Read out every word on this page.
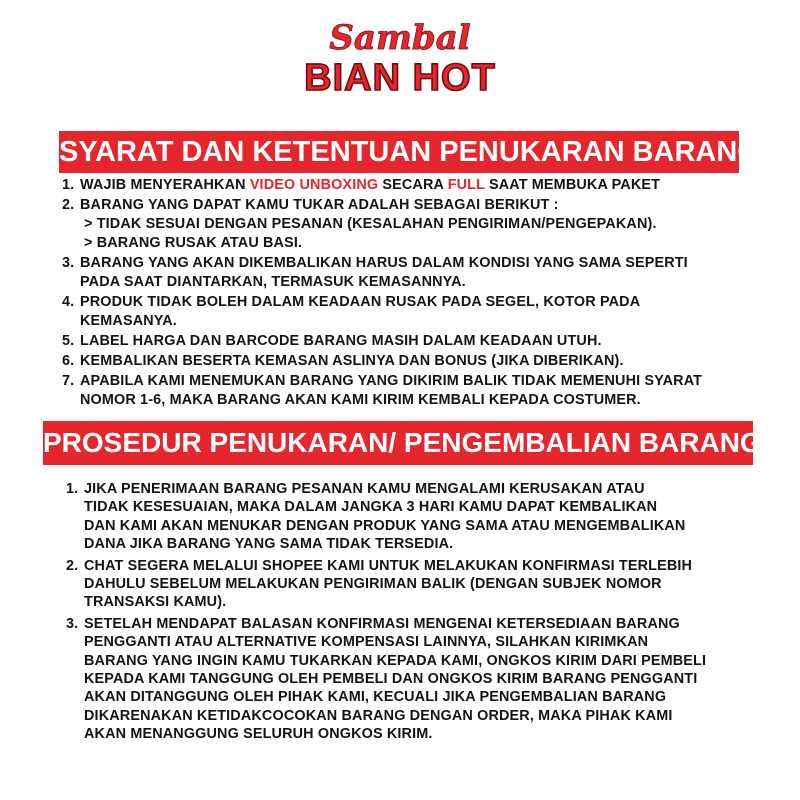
Sambal
BIAN HOT
SYARAT DAN KETENTUAN PENUKARAN BARANG
1. WAJIB MENYERAHKAN VIDEO UNBOXING SECARA FULL SAAT MEMBUKA PAKET
2. BARANG YANG DAPAT KAMU TUKAR ADALAH SEBAGAI BERIKUT :
> TIDAK SESUAI DENGAN PESANAN (KESALAHAN PENGIRIMAN/PENGEPAKAN).
> BARANG RUSAK ATAU BASI.
3. BARANG YANG AKAN DIKEMBALIKAN HARUS DALAM KONDISI YANG SAMA SEPERTI
PADA SAAT DIANTARKAN, TERMASUK KEMASANNYA.
4. PRODUK TIDAK BOLEH DALAM KEADAAN RUSAK PADA SEGEL, KOTOR PADA
KEMASANYA.
5. LABEL HARGA DAN BARCODE BARANG MASIH DALAM KEADAAN UTUH.
6. KEMBALIKAN BESERTA KEMASAN ASLINYA DAN BONUS (JIKA DIBERIKAN).
7. APABILA KAMI MENEMUKAN BARANG YANG DIKIRIM BALIK TIDAK MEMENUHI SYARAT
NOMOR 1-6, MAKA BARANG AKAN KAMI KIRIM KEMBALI KEPADA COSTUMER.
PROSEDUR PENUKARAN/ PENGEMBALIAN BARANG
1. JIKA PENERIMAAN BARANG PESANAN KAMU MENGALAMI KERUSAKAN ATAU
TIDAK KESESUAIAN, MAKA DALAM JANGKA 3 HARI KAMU DAPAT KEMBALIKAN
DAN KAMI AKAN MENUKAR DENGAN PRODUK YANG SAMA ATAU MENGEMBALIKAN
DANA JIKA BARANG YANG SAMA TIDAK TERSEDIA.
2. CHAT SEGERA MELALUI SHOPEE KAMI UNTUK MELAKUKAN KONFIRMASI TERLEBIH
DAHULU SEBELUM MELAKUKAN PENGIRIMAN BALIK (DENGAN SUBJEK NOMOR
TRANSAKSI KAMU).
3. SETELAH MENDAPAT BALASAN KONFIRMASI MENGENAI KETERSEDIAAN BARANG
PENGGANTI ATAU ALTERNATIVE KOMPENSASI LAINNYA, SILAHKAN KIRIMKAN
BARANG YANG INGIN KAMU TUKARKAN KEPADA KAMI, ONGKOS KIRIM DARI PEMBELI
KEPADA KAMI TANGGUNG OLEH PEMBELI DAN ONGKOS KIRIM BARANG PENGGANTI
AKAN DITANGGUNG OLEH PIHAK KAMI, KECUALI JIKA PENGEMBALIAN BARANG
DIKARENAKAN KETIDAKCOCOKAN BARANG DENGAN ORDER, MAKA PIHAK KAMI
AKAN MENANGGUNG SELURUH ONGKOS KIRIM.
